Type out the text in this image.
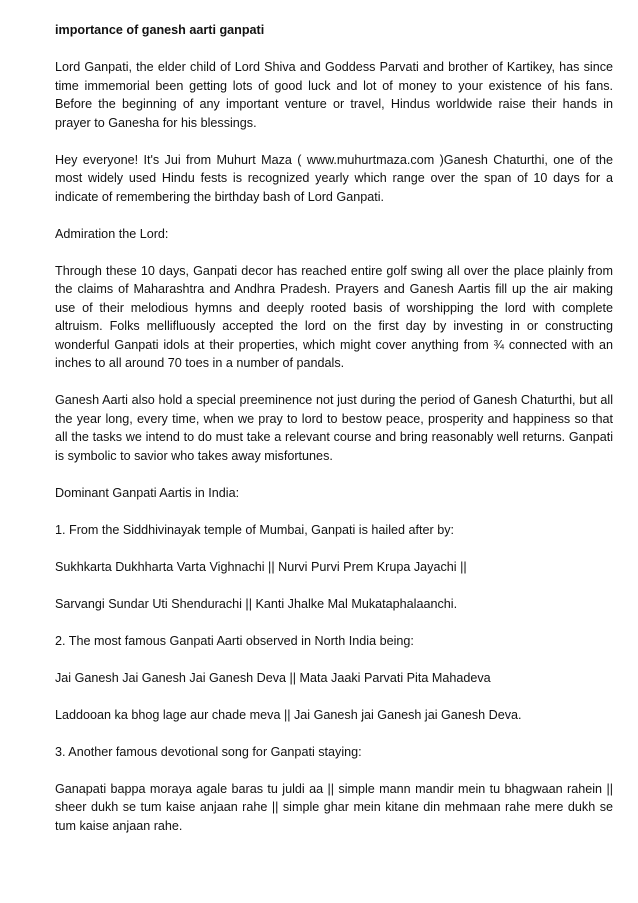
importance of ganesh aarti ganpati

Lord Ganpati, the elder child of Lord Shiva and Goddess Parvati and brother of Kartikey, has since time immemorial been getting lots of good luck and lot of money to your existence of his fans. Before the beginning of any important venture or travel, Hindus worldwide raise their hands in prayer to Ganesha for his blessings.

Hey everyone! It's Jui from Muhurt Maza ( www.muhurtmaza.com )Ganesh Chaturthi, one of the most widely used Hindu fests is recognized yearly which range over the span of 10 days for a indicate of remembering the birthday bash of Lord Ganpati.

Admiration the Lord:

Through these 10 days, Ganpati decor has reached entire golf swing all over the place plainly from the claims of Maharashtra and Andhra Pradesh. Prayers and Ganesh Aartis fill up the air making use of their melodious hymns and deeply rooted basis of worshipping the lord with complete altruism. Folks mellifluously accepted the lord on the first day by investing in or constructing wonderful Ganpati idols at their properties, which might cover anything from ¾ connected with an inches to all around 70 toes in a number of pandals.

Ganesh Aarti also hold a special preeminence not just during the period of Ganesh Chaturthi, but all the year long, every time, when we pray to lord to bestow peace, prosperity and happiness so that all the tasks we intend to do must take a relevant course and bring reasonably well returns. Ganpati is symbolic to savior who takes away misfortunes.

Dominant Ganpati Aartis in India:

1. From the Siddhivinayak temple of Mumbai, Ganpati is hailed after by:

Sukhkarta Dukhharta Varta Vighnachi || Nurvi Purvi Prem Krupa Jayachi ||

Sarvangi Sundar Uti Shendurachi || Kanti Jhalke Mal Mukataphalaanchi.

2. The most famous Ganpati Aarti observed in North India being:

Jai Ganesh Jai Ganesh Jai Ganesh Deva || Mata Jaaki Parvati Pita Mahadeva

Laddooan ka bhog lage aur chade meva || Jai Ganesh jai Ganesh jai Ganesh Deva.

3. Another famous devotional song for Ganpati staying:

Ganapati bappa moraya agale baras tu juldi aa || simple mann mandir mein tu bhagwaan rahein || sheer dukh se tum kaise anjaan rahe || simple ghar mein kitane din mehmaan rahe mere dukh se tum kaise anjaan rahe.
